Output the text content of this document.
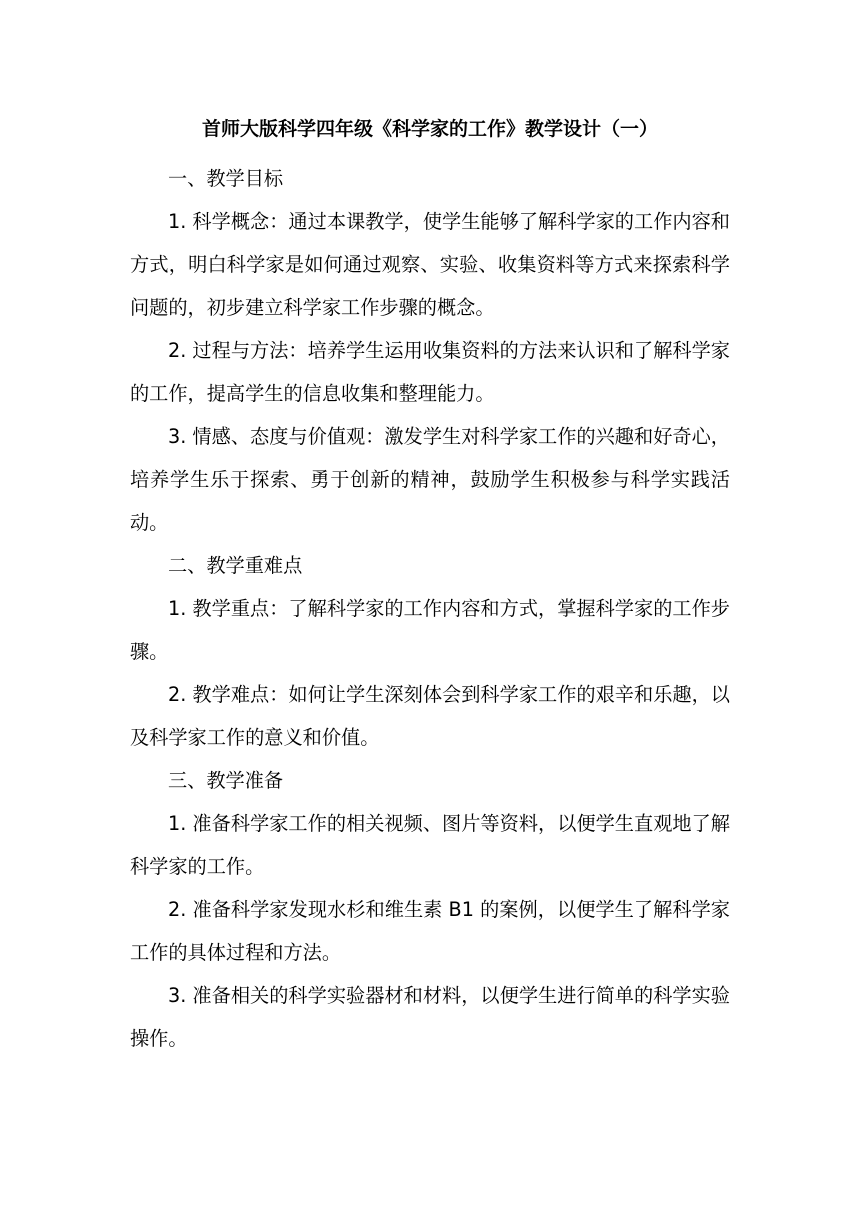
首师大版科学四年级《科学家的工作》教学设计（一）

一、教学目标

1. 科学概念：通过本课教学，使学生能够了解科学家的工作内容和方式，明白科学家是如何通过观察、实验、收集资料等方式来探索科学问题的，初步建立科学家工作步骤的概念。

2. 过程与方法：培养学生运用收集资料的方法来认识和了解科学家的工作，提高学生的信息收集和整理能力。

3. 情感、态度与价值观：激发学生对科学家工作的兴趣和好奇心，培养学生乐于探索、勇于创新的精神，鼓励学生积极参与科学实践活动。

二、教学重难点

1. 教学重点：了解科学家的工作内容和方式，掌握科学家的工作步骤。

2. 教学难点：如何让学生深刻体会到科学家工作的艰辛和乐趣，以及科学家工作的意义和价值。

三、教学准备

1. 准备科学家工作的相关视频、图片等资料，以便学生直观地了解科学家的工作。

2. 准备科学家发现水杉和维生素 B1 的案例，以便学生了解科学家工作的具体过程和方法。

3. 准备相关的科学实验器材和材料，以便学生进行简单的科学实验操作。
